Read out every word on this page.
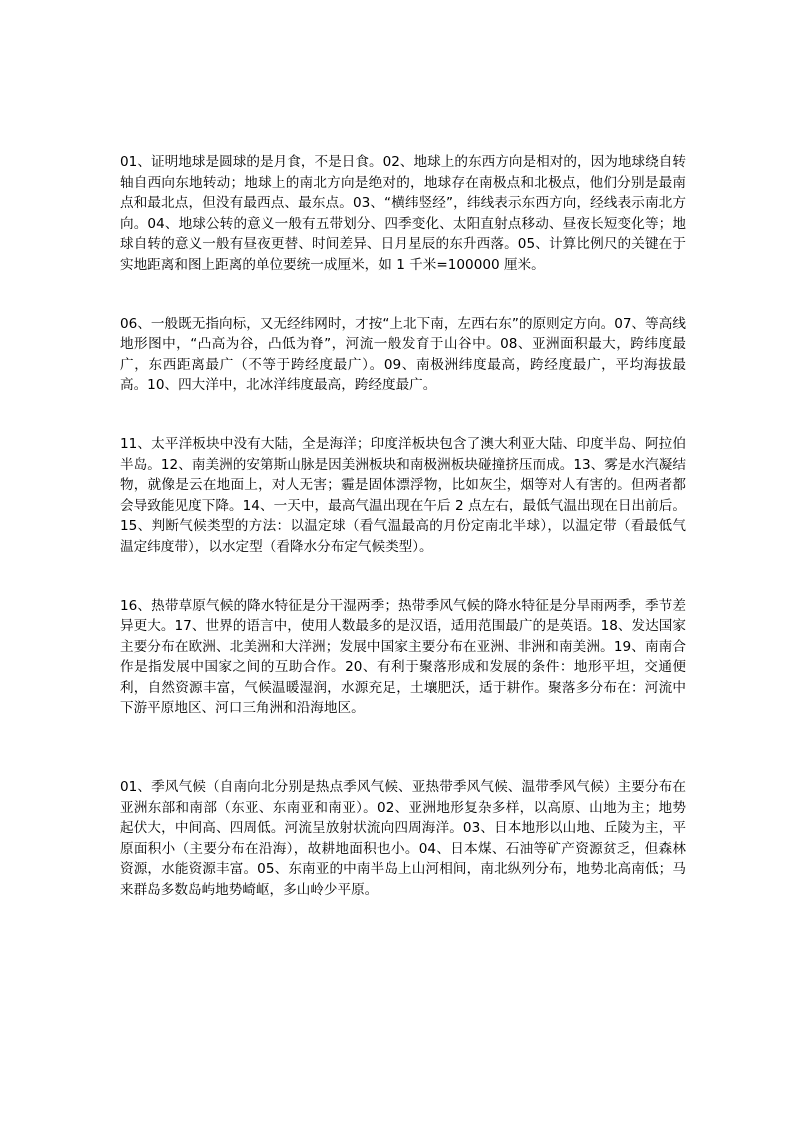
01、证明地球是圆球的是月食，不是日食。02、地球上的东西方向是相对的，因为地球绕自转轴自西向东地转动；地球上的南北方向是绝对的，地球存在南极点和北极点，他们分别是最南点和最北点，但没有最西点、最东点。03、“横纬竖经”，纬线表示东西方向，经线表示南北方向。04、地球公转的意义一般有五带划分、四季变化、太阳直射点移动、昼夜长短变化等；地球自转的意义一般有昼夜更替、时间差异、日月星辰的东升西落。05、计算比例尺的关键在于实地距离和图上距离的单位要统一成厘米，如 1 千米=100000 厘米。

06、一般既无指向标，又无经纬网时，才按“上北下南，左西右东”的原则定方向。07、等高线地形图中，“凸高为谷，凸低为脊”，河流一般发育于山谷中。08、亚洲面积最大，跨纬度最广，东西距离最广（不等于跨经度最广）。09、南极洲纬度最高，跨经度最广，平均海拔最高。10、四大洋中，北冰洋纬度最高，跨经度最广。

11、太平洋板块中没有大陆，全是海洋；印度洋板块包含了澳大利亚大陆、印度半岛、阿拉伯半岛。12、南美洲的安第斯山脉是因美洲板块和南极洲板块碰撞挤压而成。13、雾是水汽凝结物，就像是云在地面上，对人无害；霾是固体漂浮物，比如灰尘，烟等对人有害的。但两者都会导致能见度下降。14、一天中，最高气温出现在午后 2 点左右，最低气温出现在日出前后。15、判断气候类型的方法：以温定球（看气温最高的月份定南北半球），以温定带（看最低气温定纬度带），以水定型（看降水分布定气候类型）。

16、热带草原气候的降水特征是分干湿两季；热带季风气候的降水特征是分旱雨两季，季节差异更大。17、世界的语言中，使用人数最多的是汉语，适用范围最广的是英语。18、发达国家主要分布在欧洲、北美洲和大洋洲；发展中国家主要分布在亚洲、非洲和南美洲。19、南南合作是指发展中国家之间的互助合作。20、有利于聚落形成和发展的条件：地形平坦，交通便利，自然资源丰富，气候温暖湿润，水源充足，土壤肥沃，适于耕作。聚落多分布在：河流中下游平原地区、河口三角洲和沿海地区。

01、季风气候（自南向北分别是热点季风气候、亚热带季风气候、温带季风气候）主要分布在亚洲东部和南部（东亚、东南亚和南亚）。02、亚洲地形复杂多样，以高原、山地为主；地势起伏大，中间高、四周低。河流呈放射状流向四周海洋。03、日本地形以山地、丘陵为主，平原面积小（主要分布在沿海），故耕地面积也小。04、日本煤、石油等矿产资源贫乏，但森林资源，水能资源丰富。05、东南亚的中南半岛上山河相间，南北纵列分布，地势北高南低；马来群岛多数岛屿地势崎岖，多山岭少平原。
